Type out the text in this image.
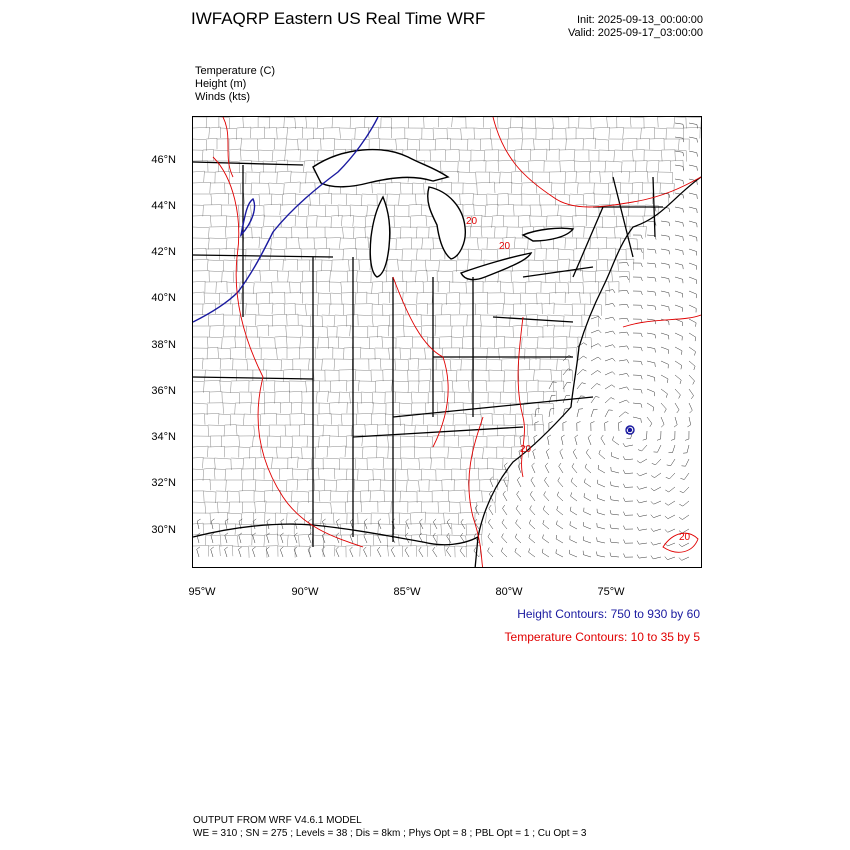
IWFAQRP Eastern US Real Time WRF	Init: 2025-09-13_00:00:00
Valid: 2025-09-17_03:00:00
Temperature (C)
Height (m)
Winds (kts)
20
20
20
20
2
46°N
44°N
42°N
40°N
38°N
36°N
34°N
32°N
30°N
95°W	90°W	85°W	80°W	75°W
Height Contours: 750 to 930 by 60
Temperature Contours: 10 to 35 by 5
OUTPUT FROM WRF V4.6.1 MODEL
WE = 310 ; SN = 275 ; Levels = 38 ; Dis = 8km ; Phys Opt = 8 ; PBL Opt = 1 ; Cu Opt = 3
